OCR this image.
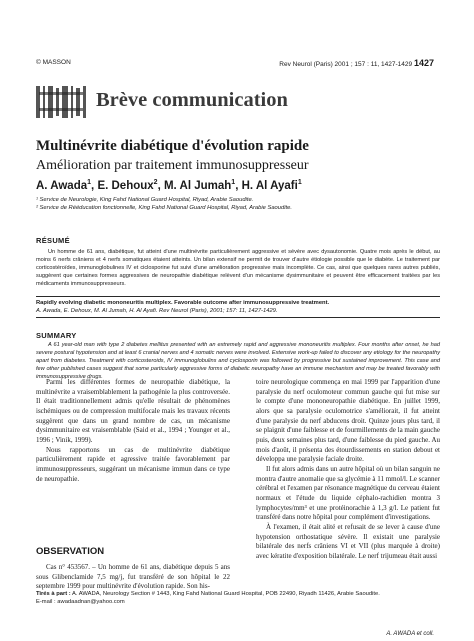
© MASSON	Rev Neurol (Paris) 2001 ; 157 : 11, 1427-1429 1427
Brève communication
Multinévrite diabétique d'évolution rapide
Amélioration par traitement immunosuppresseur
A. Awada$^1$, E. Dehoux$^2$, M. Al Jumah$^1$, H. Al Ayafi$^1$
¹ Service de Neurologie, King Fahd National Guard Hospital, Riyad, Arabie Saoudite.
² Service de Rééducation fonctionnelle, King Fahd National Guard Hospital, Riyad, Arabie Saoudite.
RÉSUMÉ

Un homme de 61 ans, diabétique, fut atteint d'une multinévrite particulièrement aggressive et sévère avec dysautonomie. Quatre mois après le début, au moins 6 nerfs crâniens et 4 nerfs somatiques étaient atteints. Un bilan extensif ne permit de trouver d'autre étiologie possible que le diabète. Le traitement par corticostéroïdes, immunoglobulines IV et ciclosporine fut suivi d'une amélioration progressive mais incomplète. Ce cas, ainsi que quelques rares autres publiés, suggèrent que certaines formes aggressives de neuropathie diabétique relèvent d'un mécanisme dysimmunitaire et peuvent être efficacement traitées par les médicaments immunosuppresseurs.

Rapidly evolving diabetic mononeuritis multiplex. Favorable outcome after immunosuppressive treatment.
A. Awada, E. Dehoux, M. Al Jumah, H. Al Ayafi. Rev Neurol (Paris), 2001; 157: 11, 1427-1429.
SUMMARY

A 61 year-old man with type 2 diabetes mellitus presented with an extremely rapid and aggressive mononeuritis multiplex. Four months after onset, he had severe postural hypotension and at least 6 cranial nerves and 4 somatic nerves were involved. Extensive work-up failed to discover any etiology for the neuropathy apart from diabetes. Treatment with corticosteroids, IV immunoglobulins and cyclosporin was followed by progressive but sustained improvement. This case and few other published cases suggest that some particularly aggressive forms of diabetic neuropathy have an immune mechanism and may be treated favorably with immunosuppressive drugs.

Parmi les différentes formes de neuropathie diabétique, la multinévrite a vraisemblablement la pathogénie la plus controversée. Il était traditionnellement admis qu'elle résultait de phénomènes ischémiques ou de compression multifocale mais les travaux récents suggèrent que dans un grand nombre de cas, un mécanisme dysimmunitaire est vraisemblable (Said et al., 1994 ; Younger et al., 1996 ; Vinik, 1999).

Nous rapportons un cas de multinévrite diabétique particulièrement rapide et agressive traitée favorablement par immunosuppresseurs, suggérant un mécanisme immun dans ce type de neuropathie.

OBSERVATION

Cas n° 453567. – Un homme de 61 ans, diabétique depuis 5 ans sous Glibenclamide 7,5 mg/j, fut transféré de son hôpital le 22 septembre 1999 pour multinévrite d'évolution rapide. Son his-

toire neurologique commença en mai 1999 par l'apparition d'une paralysie du nerf oculomoteur commun gauche qui fut mise sur le compte d'une mononeuropathie diabétique. En juillet 1999, alors que sa paralysie oculomotrice s'améliorait, il fut atteint d'une paralysie du nerf abducens droit. Quinze jours plus tard, il se plaignit d'une faiblesse et de fourmillements de la main gauche puis, deux semaines plus tard, d'une faiblesse du pied gauche. Au mois d'août, il présenta des étourdissements en station debout et développa une paralysie faciale droite.

Il fut alors admis dans un autre hôpital où un bilan sanguin ne montra d'autre anomalie que sa glycémie à 11 mmol/l. Le scanner cérébral et l'examen par résonance magnétique du cerveau étaient normaux et l'étude du liquide céphalo-rachidien montra 3 lymphocytes/mm³ et une protéinorachie à 1,3 g/l. Le patient fut transféré dans notre hôpital pour complément d'investigations.

À l'examen, il était alité et refusait de se lever à cause d'une hypotension orthostatique sévère. Il existait une paralysie bilatérale des nerfs crâniens VI et VII (plus marquée à droite) avec kératite d'exposition bilatérale. Le nerf trijumeau était aussi

Tirés à part : A. AWADA, Neurology Section # 1443, King Fahd National Guard Hospital, POB 22490, Riyadh 11426, Arabie Saoudite.
E-mail : awadaadnan@yahoo.com
A. AWADA et coll.
